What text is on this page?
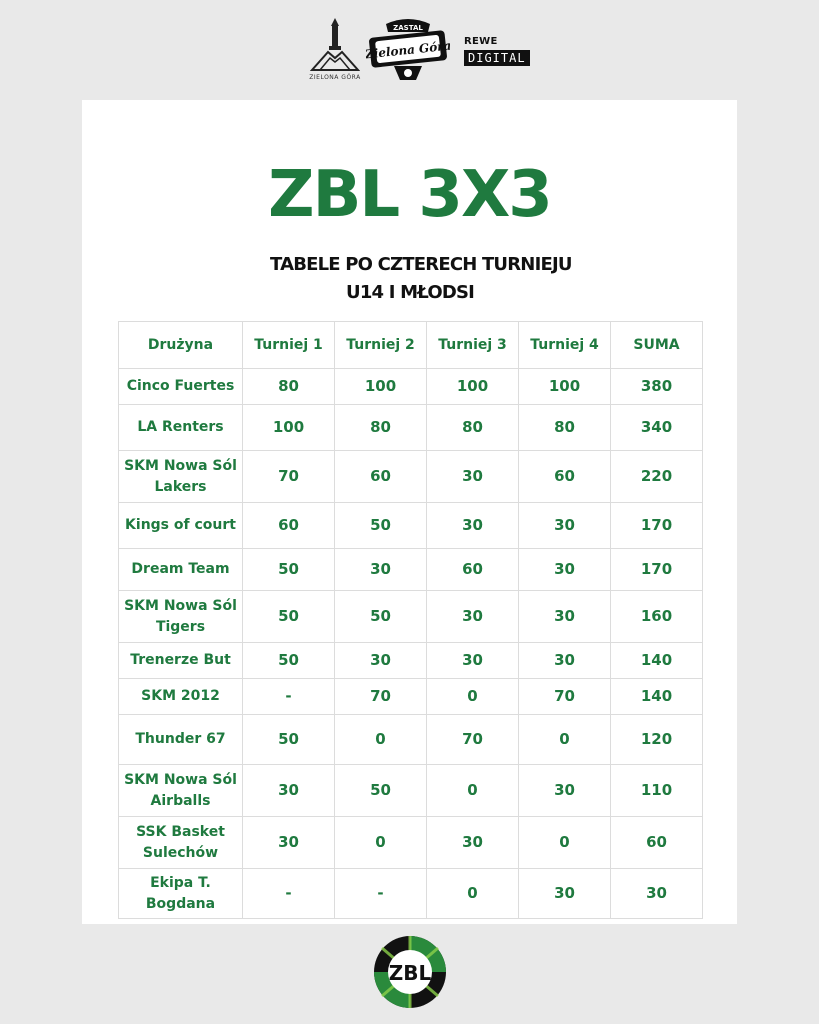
ZIELONA GÓRA
ZASTAL
Zielona Góra REWE
DIGITAL
ZBL 3X3
TABELE PO CZTERECH TURNIEJU
U14 I MŁODSI
Drużyna	Turniej 1	Turniej 2	Turniej 3	Turniej 4	SUMA
Cinco Fuertes	80	100	100	100	380
LA Renters	100	80	80	80	340
SKM Nowa Sól Lakers	70	60	30	60	220
Kings of court	60	50	30	30	170
Dream Team	50	30	60	30	170
SKM Nowa Sól Tigers	50	50	30	30	160
Trenerze But	50	30	30	30	140
SKM 2012	-	70	0	70	140
Thunder 67	50	0	70	0	120
SKM Nowa Sól Airballs	30	50	0	30	110
SSK Basket Sulechów	30	0	30	0	60
Ekipa T. Bogdana	-	-	0	30	30
ZBL
